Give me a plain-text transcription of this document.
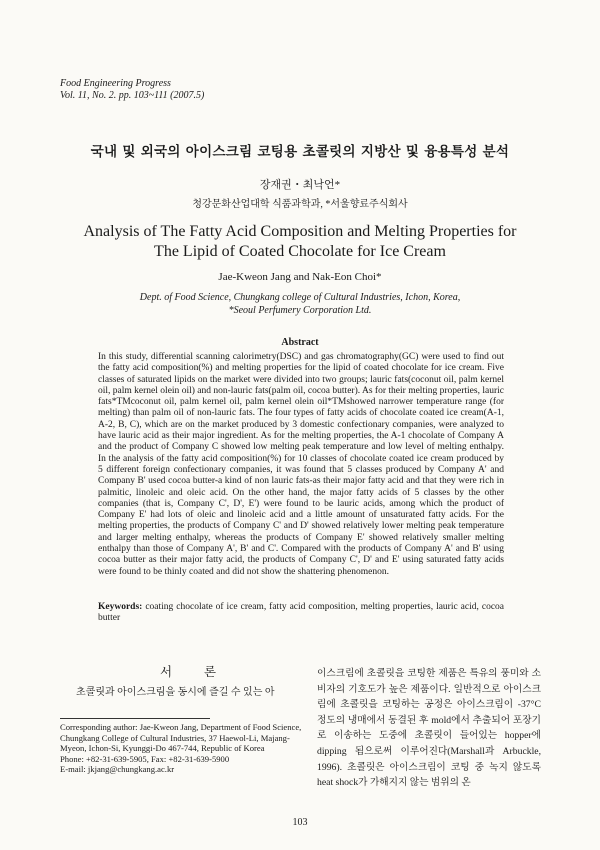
Food Engineering Progress
Vol. 11, No. 2. pp. 103~111 (2007.5)
국내 및 외국의 아이스크림 코팅용 초콜릿의 지방산 및 융용특성 분석
장재권・최낙언*
청강문화산업대학 식품과학과, *서울향료주식회사
Analysis of The Fatty Acid Composition and Melting Properties for
The Lipid of Coated Chocolate for Ice Cream
Jae-Kweon Jang and Nak-Eon Choi*
Dept. of Food Science, Chungkang college of Cultural Industries, Ichon, Korea,
*Seoul Perfumery Corporation Ltd.
Abstract
In this study, differential scanning calorimetry(DSC) and gas chromatography(GC) were used to find out the fatty acid composition(%) and melting properties for the lipid of coated chocolate for ice cream. Five classes of saturated lipids on the market were divided into two groups; lauric fats(coconut oil, palm kernel oil, palm kernel olein oil) and non-lauric fats(palm oil, cocoa butter). As for their melting properties, lauric fats*TMcoconut oil, palm kernel oil, palm kernel olein oil*TMshowed narrower temperature range (for melting) than palm oil of non-lauric fats. The four types of fatty acids of chocolate coated ice cream(A-1, A-2, B, C), which are on the market produced by 3 domestic confectionary companies, were analyzed to have lauric acid as their major ingredient. As for the melting properties, the A-1 chocolate of Company A and the product of Company C showed low melting peak temperature and low level of melting enthalpy. In the analysis of the fatty acid composition(%) for 10 classes of chocolate coated ice cream produced by 5 different foreign confectionary companies, it was found that 5 classes produced by Company A' and Company B' used cocoa butter-a kind of non lauric fats-as their major fatty acid and that they were rich in palmitic, linoleic and oleic acid. On the other hand, the major fatty acids of 5 classes by the other companies (that is, Company C', D', E') were found to be lauric acids, among which the product of Company E' had lots of oleic and linoleic acid and a little amount of unsaturated fatty acids. For the melting properties, the products of Company C' and D' showed relatively lower melting peak temperature and larger melting enthalpy, whereas the products of Company E' showed relatively smaller melting enthalpy than those of Company A', B' and C'. Compared with the products of Company A' and B' using cocoa butter as their major fatty acid, the products of Company C', D' and E' using saturated fatty acids were found to be thinly coated and did not show the shattering phenomenon.
Keywords: coating chocolate of ice cream, fatty acid composition, melting properties, lauric acid, cocoa butter
서 론
초콜릿과 아이스크림을 동시에 즐길 수 있는 아
Corresponding author: Jae-Kweon Jang, Department of Food Science, Chungkang College of Cultural Industries, 37 Haewol-Li, Majang-Myeon, Ichon-Si, Kyunggi-Do 467-744, Republic of Korea
Phone: +82-31-639-5905, Fax: +82-31-639-5900
E-mail: jkjang@chungkang.ac.kr
이스크림에 초콜릿을 코팅한 제품은 특유의 풍미와 소비자의 기호도가 높은 제품이다. 일반적으로 아이스크림에 초콜릿을 코팅하는 공정은 아이스크림이 -37°C 정도의 냉매에서 동결된 후 mold에서 추출되어 포장기로 이송하는 도중에 초콜릿이 들어있는 hopper에 dipping 됨으로써 이루어진다(Marshall과 Arbuckle, 1996). 초콜릿은 아이스크림이 코팅 중 녹지 않도록 heat shock가 가해지지 않는 범위의 온
103
